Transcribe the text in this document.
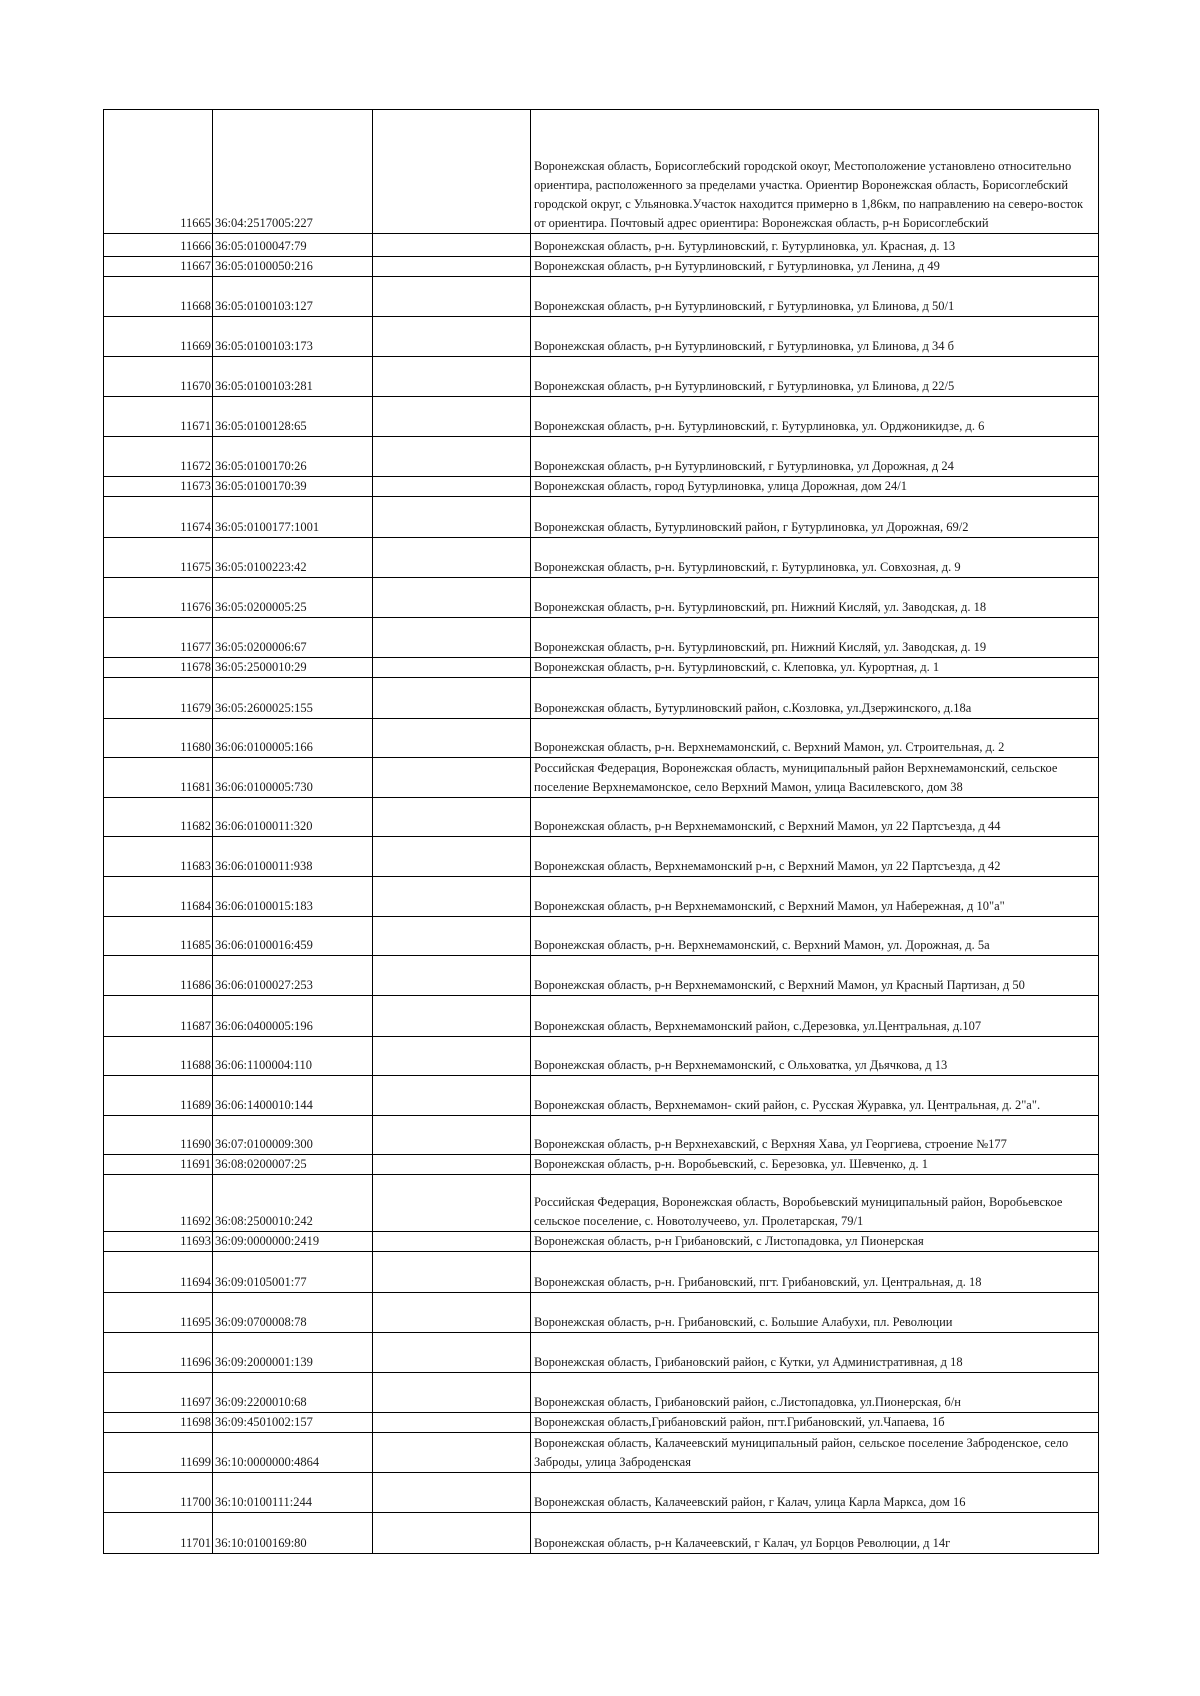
11665	36:04:2517005:227		Воронежская область, Борисоглебский городской окоуг, Местоположение установлено относительно ориентира, расположенного за пределами участка. Ориентир Воронежская область, Борисоглебский городской округ, с Ульяновка.Участок находится примерно в 1,86км, по направлению на северо-восток от ориентира. Почтовый адрес ориентира: Воронежская область, р-н Борисоглебский
11666	36:05:0100047:79		Воронежская область, р-н. Бутурлиновский, г. Бутурлиновка, ул. Красная, д. 13
11667	36:05:0100050:216		Воронежская область, р-н Бутурлиновский, г Бутурлиновка, ул Ленина, д 49
11668	36:05:0100103:127		Воронежская область, р-н Бутурлиновский, г Бутурлиновка, ул Блинова, д 50/1
11669	36:05:0100103:173		Воронежская область, р-н Бутурлиновский, г Бутурлиновка, ул Блинова, д 34 б
11670	36:05:0100103:281		Воронежская область, р-н Бутурлиновский, г Бутурлиновка, ул Блинова, д 22/5
11671	36:05:0100128:65		Воронежская область, р-н. Бутурлиновский, г. Бутурлиновка, ул. Орджоникидзе, д. 6
11672	36:05:0100170:26		Воронежская область, р-н Бутурлиновский, г Бутурлиновка, ул Дорожная, д 24
11673	36:05:0100170:39		Воронежская область, город Бутурлиновка, улица Дорожная, дом 24/1
11674	36:05:0100177:1001		Воронежская область, Бутурлиновский район, г Бутурлиновка, ул Дорожная, 69/2
11675	36:05:0100223:42		Воронежская область, р-н. Бутурлиновский, г. Бутурлиновка, ул. Совхозная, д. 9
11676	36:05:0200005:25		Воронежская область, р-н. Бутурлиновский, рп. Нижний Кисляй, ул. Заводская, д. 18
11677	36:05:0200006:67		Воронежская область, р-н. Бутурлиновский, рп. Нижний Кисляй, ул. Заводская, д. 19
11678	36:05:2500010:29		Воронежская область, р-н. Бутурлиновский, с. Клеповка, ул. Курортная, д. 1
11679	36:05:2600025:155		Воронежская область, Бутурлиновский район, с.Козловка, ул.Дзержинского, д.18а
11680	36:06:0100005:166		Воронежская область, р-н. Верхнемамонский, с. Верхний Мамон, ул. Строительная, д. 2
11681	36:06:0100005:730		Российская Федерация, Воронежская область, муниципальный район Верхнемамонский, сельское поселение Верхнемамонское, село Верхний Мамон, улица Василевского, дом 38
11682	36:06:0100011:320		Воронежская область, р-н Верхнемамонский, с Верхний Мамон, ул 22 Партсъезда, д 44
11683	36:06:0100011:938		Воронежская область, Верхнемамонский р-н, с Верхний Мамон, ул 22 Партсъезда, д 42
11684	36:06:0100015:183		Воронежская область, р-н Верхнемамонский, с Верхний Мамон, ул Набережная, д 10"а"
11685	36:06:0100016:459		Воронежская область, р-н. Верхнемамонский, с. Верхний Мамон, ул. Дорожная, д. 5а
11686	36:06:0100027:253		Воронежская область, р-н Верхнемамонский, с Верхний Мамон, ул Красный Партизан, д 50
11687	36:06:0400005:196		Воронежская область, Верхнемамонский район, с.Дерезовка, ул.Центральная, д.107
11688	36:06:1100004:110		Воронежская область, р-н Верхнемамонский, с Ольховатка, ул Дьячкова, д 13
11689	36:06:1400010:144		Воронежская область, Верхнемамон- ский район, с. Русская Журавка, ул. Центральная, д. 2"а".
11690	36:07:0100009:300		Воронежская область, р-н Верхнехавский, с Верхняя Хава, ул Георгиева, строение №177
11691	36:08:0200007:25		Воронежская область, р-н. Воробьевский, с. Березовка, ул. Шевченко, д. 1
11692	36:08:2500010:242		Российская Федерация, Воронежская область, Воробьевский муниципальный район, Воробьевское сельское поселение, с. Новотолучеево, ул. Пролетарская, 79/1
11693	36:09:0000000:2419		Воронежская область, р-н Грибановский, с Листопадовка, ул Пионерская
11694	36:09:0105001:77		Воронежская область, р-н. Грибановский, пгт. Грибановский, ул. Центральная, д. 18
11695	36:09:0700008:78		Воронежская область, р-н. Грибановский, с. Большие Алабухи, пл. Революции
11696	36:09:2000001:139		Воронежская область, Грибановский район, с Кутки, ул Административная, д 18
11697	36:09:2200010:68		Воронежская область, Грибановский район, с.Листопадовка, ул.Пионерская, б/н
11698	36:09:4501002:157		Воронежская область,Грибановский район, пгт.Грибановский, ул.Чапаева, 1б
11699	36:10:0000000:4864		Воронежская область, Калачеевский муниципальный район, сельское поселение Заброденское, село Заброды, улица Заброденская
11700	36:10:0100111:244		Воронежская область, Калачеевский район, г Калач, улица Карла Маркса, дом 16
11701	36:10:0100169:80		Воронежская область, р-н Калачеевский, г Калач, ул Борцов Революции, д 14г
